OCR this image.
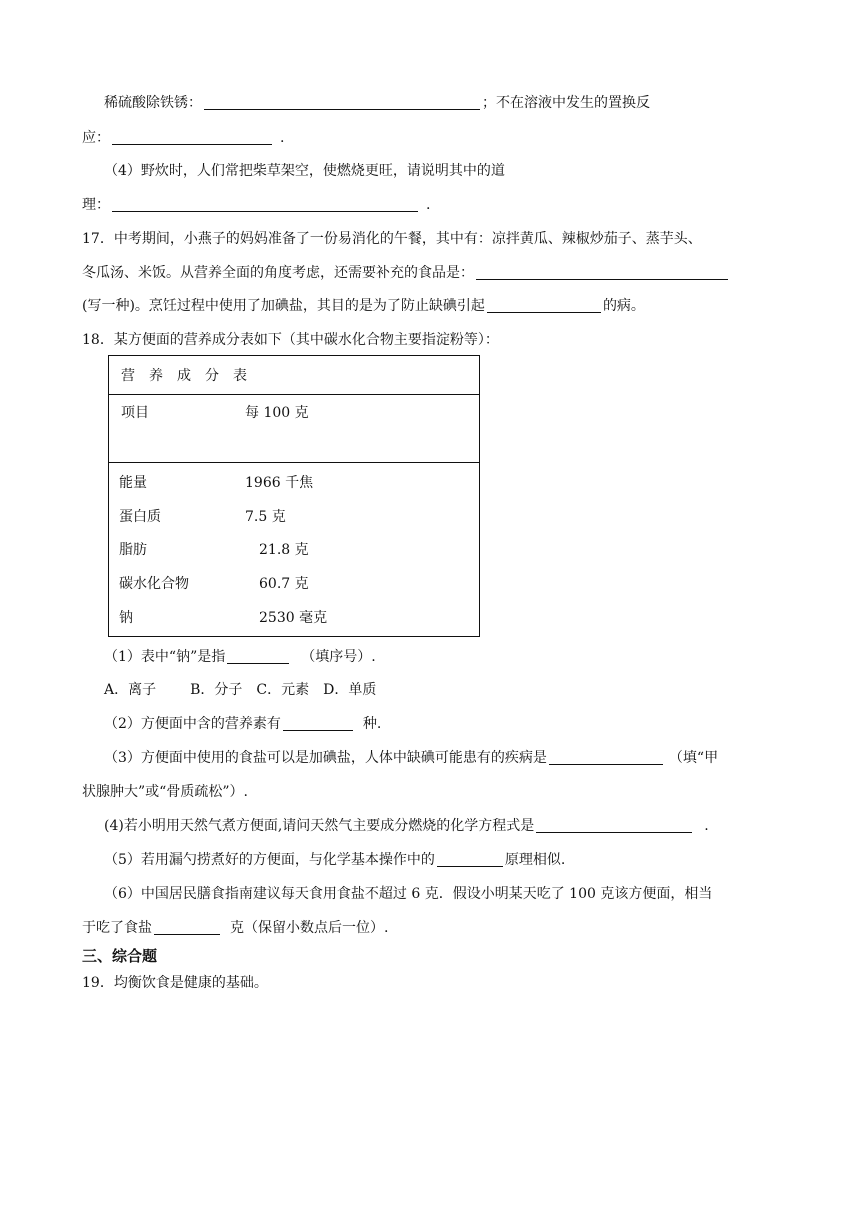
稀硫酸除铁锈：	；不在溶液中发生的置换反
应：	.
（4）野炊时，人们常把柴草架空，使燃烧更旺，请说明其中的道
理：	.
17．中考期间，小燕子的妈妈准备了一份易消化的午餐，其中有：凉拌黄瓜、辣椒炒茄子、蒸芋头、
冬瓜汤、米饭。从营养全面的角度考虑，还需要补充的食品是：
(写一种)。烹饪过程中使用了加碘盐，其目的是为了防止缺碘引起	的病。
18．某方便面的营养成分表如下（其中碳水化合物主要指淀粉等）：
营　养　成　分　表
项目	每 100 克
能量	1966 千焦
蛋白质	7.5 克
脂肪	21.8 克
碳水化合物	60.7 克
钠	2530 毫克
（1）表中“钠”是指	（填序号）.
A．离子 B．分子 C．元素 D．单质
（2）方便面中含的营养素有	种.
（3）方便面中使用的食盐可以是加碘盐，人体中缺碘可能患有的疾病是	（填“甲
状腺肿大”或“骨质疏松”）.
(4)若小明用天然气煮方便面,请问天然气主要成分燃烧的化学方程式是	.
（5）若用漏勺捞煮好的方便面，与化学基本操作中的	原理相似.
（6）中国居民膳食指南建议每天食用食盐不超过 6 克．假设小明某天吃了 100 克该方便面，相当
于吃了食盐	克（保留小数点后一位）.
三、综合题
19．均衡饮食是健康的基础。
